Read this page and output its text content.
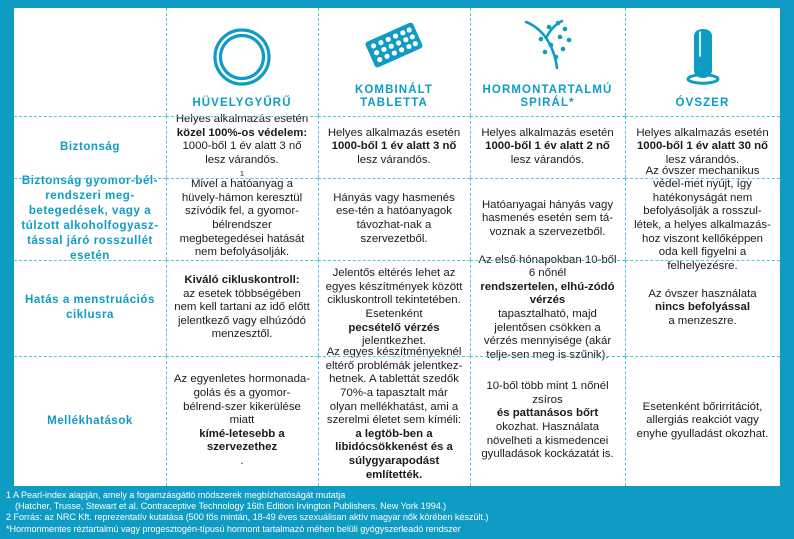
HÜVELYGYŰRŰ
KOMBINÁLT TABLETTA
HORMONTARTALMÚ SPIRÁL*	ÓVSZER
Biztonság
Helyes alkalmazás esetén
közel 100%-os védelem:
1000-ből 1 év alatt 3 nő lesz várandós.
1
Helyes alkalmazás esetén
1000-ből 1 év alatt 3 nő
lesz várandós.
Helyes alkalmazás esetén
1000-ből 1 év alatt 2 nő
lesz várandós.
Helyes alkalmazás esetén
1000-ből 1 év alatt 30 nő
lesz várandós.
Biztonság gyomor-bél-rendszeri meg-betegedések, vagy a túlzott alkoholfogyasz-tással járó rosszullét esetén
Mivel a hatóanyag a hüvely-hámon keresztül szívódik fel, a gyomor-bélrendszer megbetegedései hatását nem befolyásolják.
Hányás vagy hasmenés ese-tén a hatóanyagok távozhat-nak a szervezetből.
Hatóanyagai hányás vagy hasmenés esetén sem tá-voznak a szervezetből.
Az óvszer mechanikus védel-met nyújt, így hatékonyságát nem befolyásolják a rosszul-létek, a helyes alkalmazás-hoz viszont kellőképpen oda kell figyelni a felhelyezésre.
Hatás a menstruációs ciklusra
Kiváló cikluskontroll:
az esetek többségében nem kell tartani az idő előtt jelentkező vagy elhúzódó menzesztől.
Jelentős eltérés lehet az egyes készítmények között cikluskontroll tekintetében. Esetenként
pecsételő vérzés
jelentkezhet.
Az első hónapokban 10-ből 6 nőnél
rendszertelen, elhú-zódó vérzés
tapasztalható, majd jelentősen csökken a vérzés mennyisége (akár telje-sen meg is szűnik).
Az óvszer használata
nincs befolyással
a menzeszre.
Mellékhatások
Az egyenletes hormonada-golás és a gyomor-bélrend-szer kikerülése miatt
kímé-letesebb a szervezethez
.
Az egyes készítményeknél eltérő problémák jelentkez-hetnek. A tablettát szedők 70%-a tapasztalt már olyan mellékhatást, ami a szerelmi életet sem kíméli:
a legtöb-ben a libidócsökkenést és a súlygyarapodást említették.
10-ből több mint 1 nőnél zsíros
és pattanásos bőrt
okozhat. Használata növelheti a kismedencei gyulladások kockázatát is.
Esetenként bőrirritációt, allergiás reakciót vagy enyhe gyulladást okozhat.
1 A Pearl-index alapján, amely a fogamzásgátló módszerek megbízhatóságát mutatja
(Hatcher, Trusse, Stewart et al. Contraceptive Technology 16th Edition Irvington Publishers. New York 1994.)
2 Forrás: az NRC Kft. reprezentatív kutatása (500 fős mintán, 18-49 éves szexuálisan aktív magyar nők körében készült.)
*Hormonmentes réztartalmú vagy progesztogén-típusú hormont tartalmazó méhen belüli gyógyszerleadó rendszer
